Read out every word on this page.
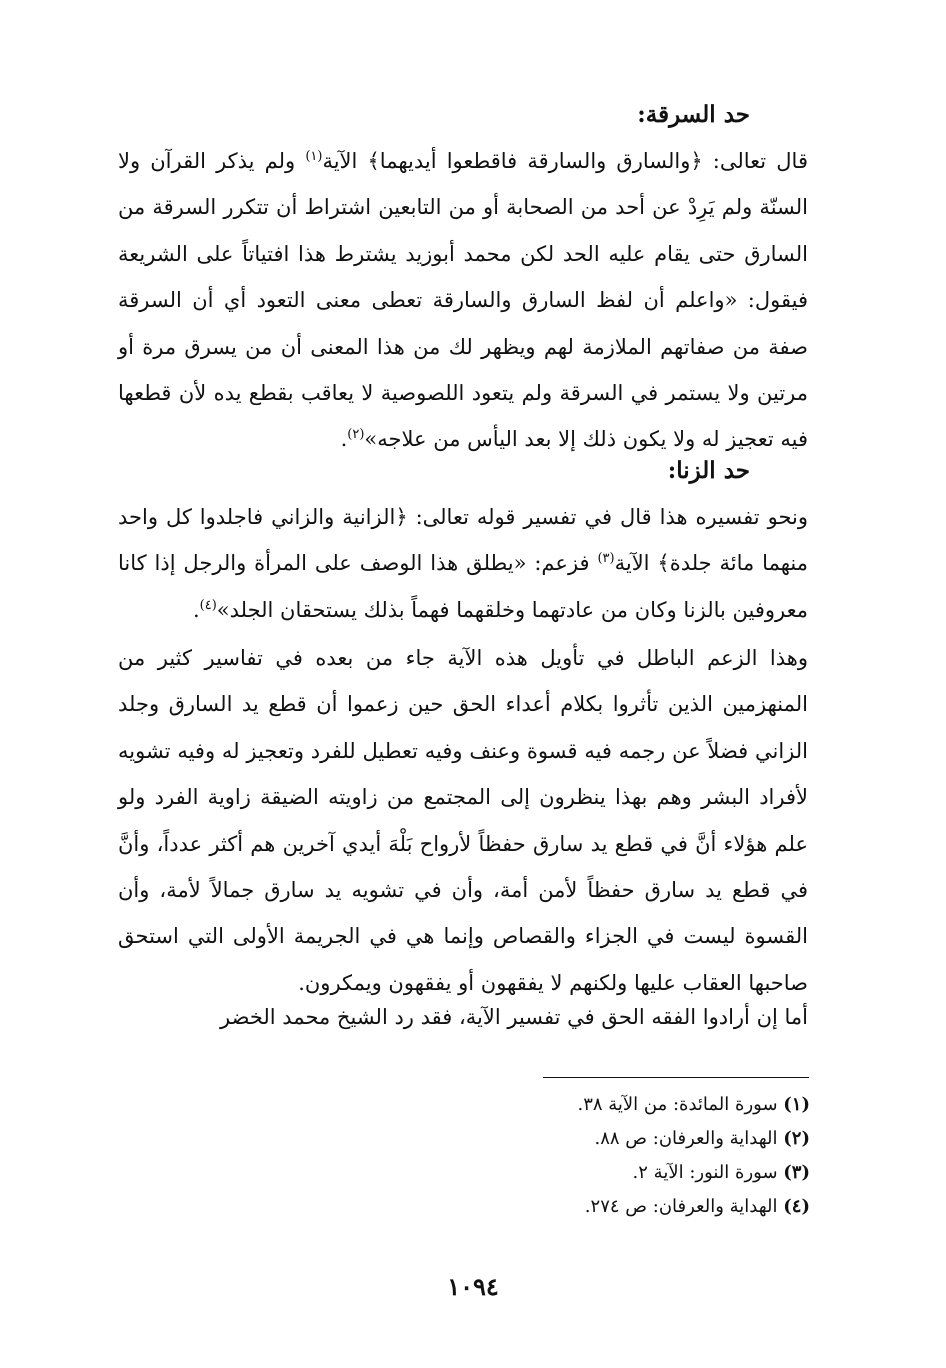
حد السرقة:
قال تعالى: ﴿والسارق والسارقة فاقطعوا أيديهما﴾ الآية$^{(١)}$ ولم يذكر القرآن ولا السنّة ولم يَرِدْ عن أحد من الصحابة أو من التابعين اشتراط أن تتكرر السرقة من السارق حتى يقام عليه الحد لكن محمد أبوزيد يشترط هذا افتياتاً على الشريعة فيقول: «واعلم أن لفظ السارق والسارقة تعطى معنى التعود أي أن السرقة صفة من صفاتهم الملازمة لهم ويظهر لك من هذا المعنى أن من يسرق مرة أو مرتين ولا يستمر في السرقة ولم يتعود اللصوصية لا يعاقب بقطع يده لأن قطعها فيه تعجيز له ولا يكون ذلك إلا بعد اليأس من علاجه»$^{(٢)}$.
حد الزنا:
ونحو تفسيره هذا قال في تفسير قوله تعالى: ﴿الزانية والزاني فاجلدوا كل واحد منهما مائة جلدة﴾ الآية$^{(٣)}$ فزعم: «يطلق هذا الوصف على المرأة والرجل إذا كانا معروفين بالزنا وكان من عادتهما وخلقهما فهماً بذلك يستحقان الجلد»$^{(٤)}$.
وهذا الزعم الباطل في تأويل هذه الآية جاء من بعده في تفاسير كثير من المنهزمين الذين تأثروا بكلام أعداء الحق حين زعموا أن قطع يد السارق وجلد الزاني فضلاً عن رجمه فيه قسوة وعنف وفيه تعطيل للفرد وتعجيز له وفيه تشويه لأفراد البشر وهم بهذا ينظرون إلى المجتمع من زاويته الضيقة زاوية الفرد ولو علم هؤلاء أنَّ في قطع يد سارق حفظاً لأرواح بَلْهَ أيدي آخرين هم أكثر عدداً، وأنَّ في قطع يد سارق حفظاً لأمن أمة، وأن في تشويه يد سارق جمالاً لأمة، وأن القسوة ليست في الجزاء والقصاص وإنما هي في الجريمة الأولى التي استحق صاحبها العقاب عليها ولكنهم لا يفقهون أو يفقهون ويمكرون.
أما إن أرادوا الفقه الحق في تفسير الآية، فقد رد الشيخ محمد الخضر
(١) سورة المائدة: من الآية ٣٨.
(٢) الهداية والعرفان: ص ٨٨.
(٣) سورة النور: الآية ٢.
(٤) الهداية والعرفان: ص ٢٧٤.
١٠٩٤
